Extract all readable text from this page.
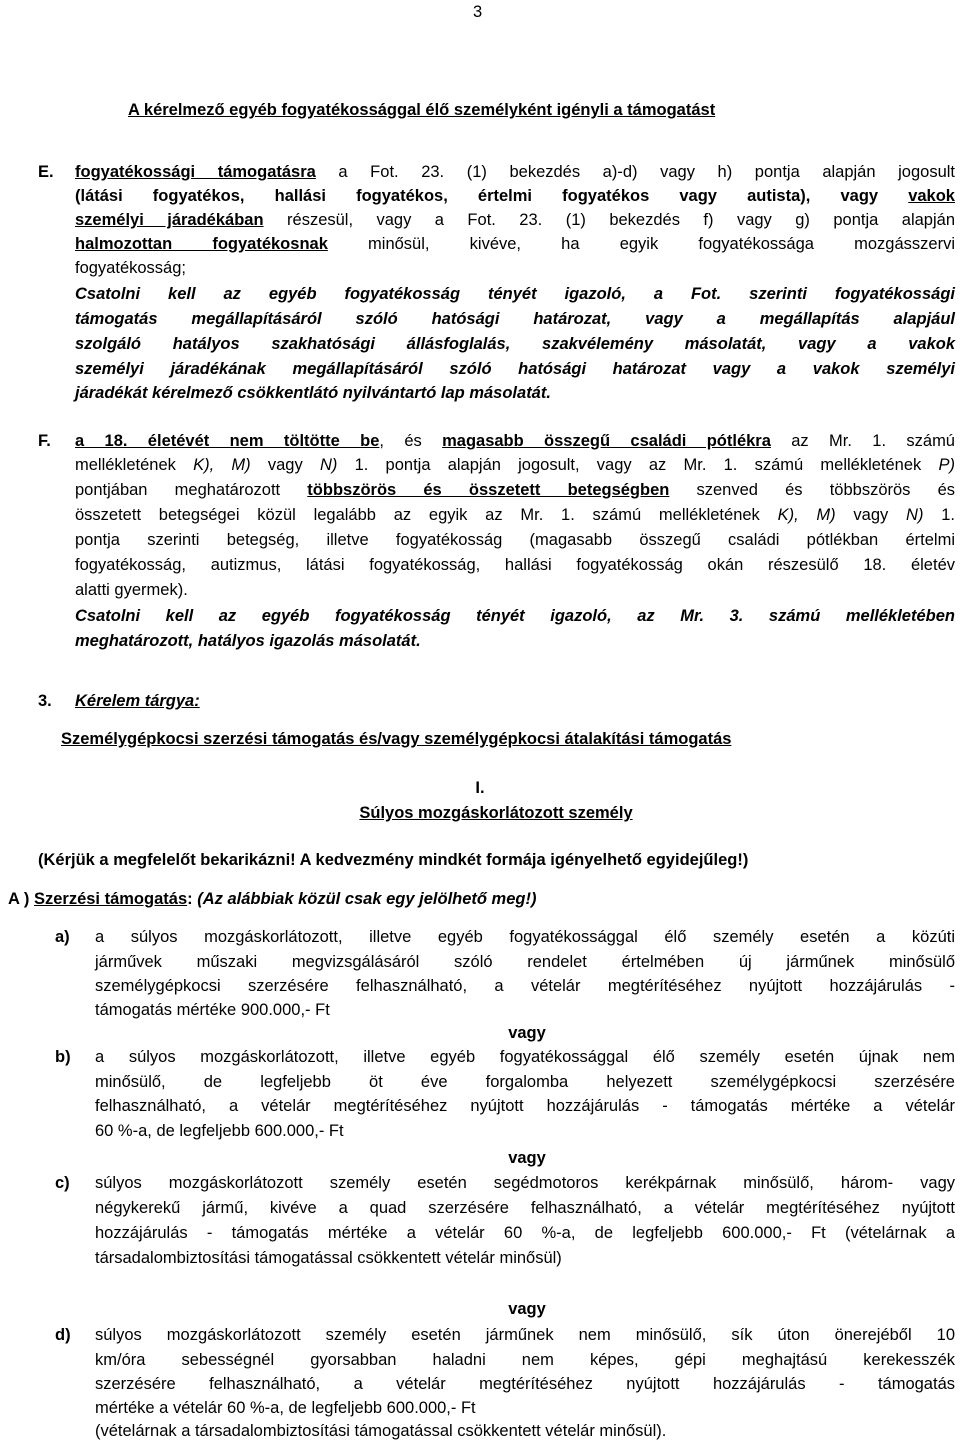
3
A kérelmező egyéb fogyatékossággal élő személyként igényli a támogatást
E. fogyatékossági támogatásra a Fot. 23. (1) bekezdés a)-d) vagy h) pontja alapján jogosult
(látási fogyatékos, hallási fogyatékos, értelmi fogyatékos vagy autista), vagy vakok
személyi járadékában részesül, vagy a Fot. 23. (1) bekezdés f) vagy g) pontja alapján
halmozottan fogyatékosnak minősül, kivéve, ha egyik fogyatékossága mozgásszervi
fogyatékosság;
Csatolni kell az egyéb fogyatékosság tényét igazoló, a Fot. szerinti fogyatékossági
támogatás megállapításáról szóló hatósági határozat, vagy a megállapítás alapjául
szolgáló hatályos szakhatósági állásfoglalás, szakvélemény másolatát, vagy a vakok
személyi járadékának megállapításáról szóló hatósági határozat vagy a vakok személyi
járadékát kérelmező csökkentlátó nyilvántartó lap másolatát.
F. a 18. életévét nem töltötte be, és magasabb összegű családi pótlékra az Mr. 1. számú
mellékletének K), M) vagy N) 1. pontja alapján jogosult, vagy az Mr. 1. számú mellékletének P)
pontjában meghatározott többszörös és összetett betegségben szenved és többszörös és
összetett betegségei közül legalább az egyik az Mr. 1. számú mellékletének K), M) vagy N) 1.
pontja szerinti betegség, illetve fogyatékosság (magasabb összegű családi pótlékban értelmi
fogyatékosság, autizmus, látási fogyatékosság, hallási fogyatékosság okán részesülő 18. életév
alatti gyermek).
Csatolni kell az egyéb fogyatékosság tényét igazoló, az Mr. 3. számú mellékletében
meghatározott, hatályos igazolás másolatát.
3. Kérelem tárgya:
Személygépkocsi szerzési támogatás és/vagy személygépkocsi átalakítási támogatás
I.
Súlyos mozgáskorlátozott személy
(Kérjük a megfelelőt bekarikázni! A kedvezmény mindkét formája igényelhető egyidejűleg!)
A ) Szerzési támogatás: (Az alábbiak közül csak egy jelölhető meg!)
a) a súlyos mozgáskorlátozott, illetve egyéb fogyatékossággal élő személy esetén a közúti
járművek műszaki megvizsgálásáról szóló rendelet értelmében új járműnek minősülő
személygépkocsi szerzésére felhasználható, a vételár megtérítéséhez nyújtott hozzájárulás -
támogatás mértéke 900.000,- Ft
vagy
b) a súlyos mozgáskorlátozott, illetve egyéb fogyatékossággal élő személy esetén újnak nem
minősülő, de legfeljebb öt éve forgalomba helyezett személygépkocsi szerzésére
felhasználható, a vételár megtérítéséhez nyújtott hozzájárulás - támogatás mértéke a vételár
60 %-a, de legfeljebb 600.000,- Ft
vagy
c) súlyos mozgáskorlátozott személy esetén segédmotoros kerékpárnak minősülő, három- vagy
négykerekű jármű, kivéve a quad szerzésére felhasználható, a vételár megtérítéséhez nyújtott
hozzájárulás - támogatás mértéke a vételár 60 %-a, de legfeljebb 600.000,- Ft (vételárnak a
társadalombiztosítási támogatással csökkentett vételár minősül)
vagy
d) súlyos mozgáskorlátozott személy esetén járműnek nem minősülő, sík úton önerejéből 10
km/óra sebességnél gyorsabban haladni nem képes, gépi meghajtású kerekesszék
szerzésére felhasználható, a vételár megtérítéséhez nyújtott hozzájárulás - támogatás
mértéke a vételár 60 %-a, de legfeljebb 600.000,- Ft
(vételárnak a társadalombiztosítási támogatással csökkentett vételár minősül).
